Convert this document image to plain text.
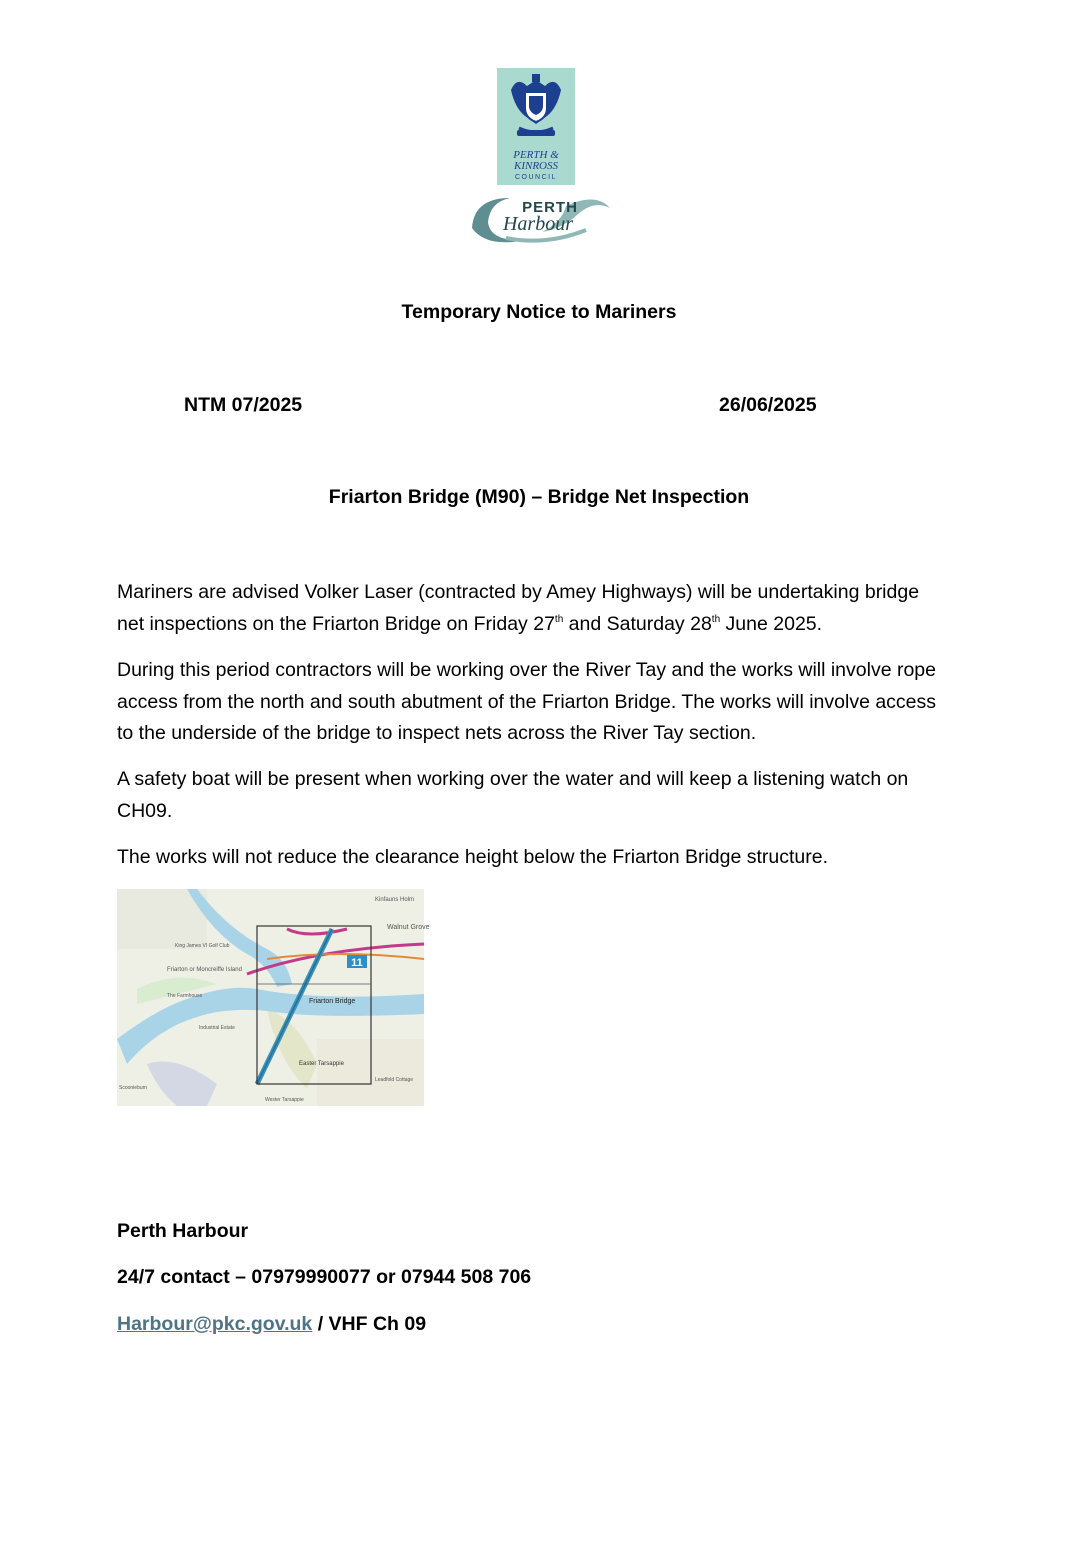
PERTH &
KINROSS
COUNCIL
PERTH
Harbour
Temporary Notice to Mariners
NTM 07/2025	26/06/2025
Friarton Bridge (M90) – Bridge Net Inspection
Mariners are advised Volker Laser (contracted by Amey Highways) will be undertaking bridge net inspections on the Friarton Bridge on Friday 27th and Saturday 28th June 2025.
During this period contractors will be working over the River Tay and the works will involve rope access from the north and south abutment of the Friarton Bridge. The works will involve access to the underside of the bridge to inspect nets across the River Tay section.
A safety boat will be present when working over the water and will keep a listening watch on CH09.
The works will not reduce the clearance height below the Friarton Bridge structure.
11
Kinfauns Holm
Walnut Grove
King James VI Golf Club
Friarton or Moncreiffe Island
The Farmhouse
Friarton Bridge
Easter Tarsappie
Wester Tarsappie
Industrial Estate
Scoonieburn
Leadfold Cottage
Perth Harbour
24/7 contact – 07979990077 or 07944 508 706
Harbour@pkc.gov.uk / VHF Ch 09
